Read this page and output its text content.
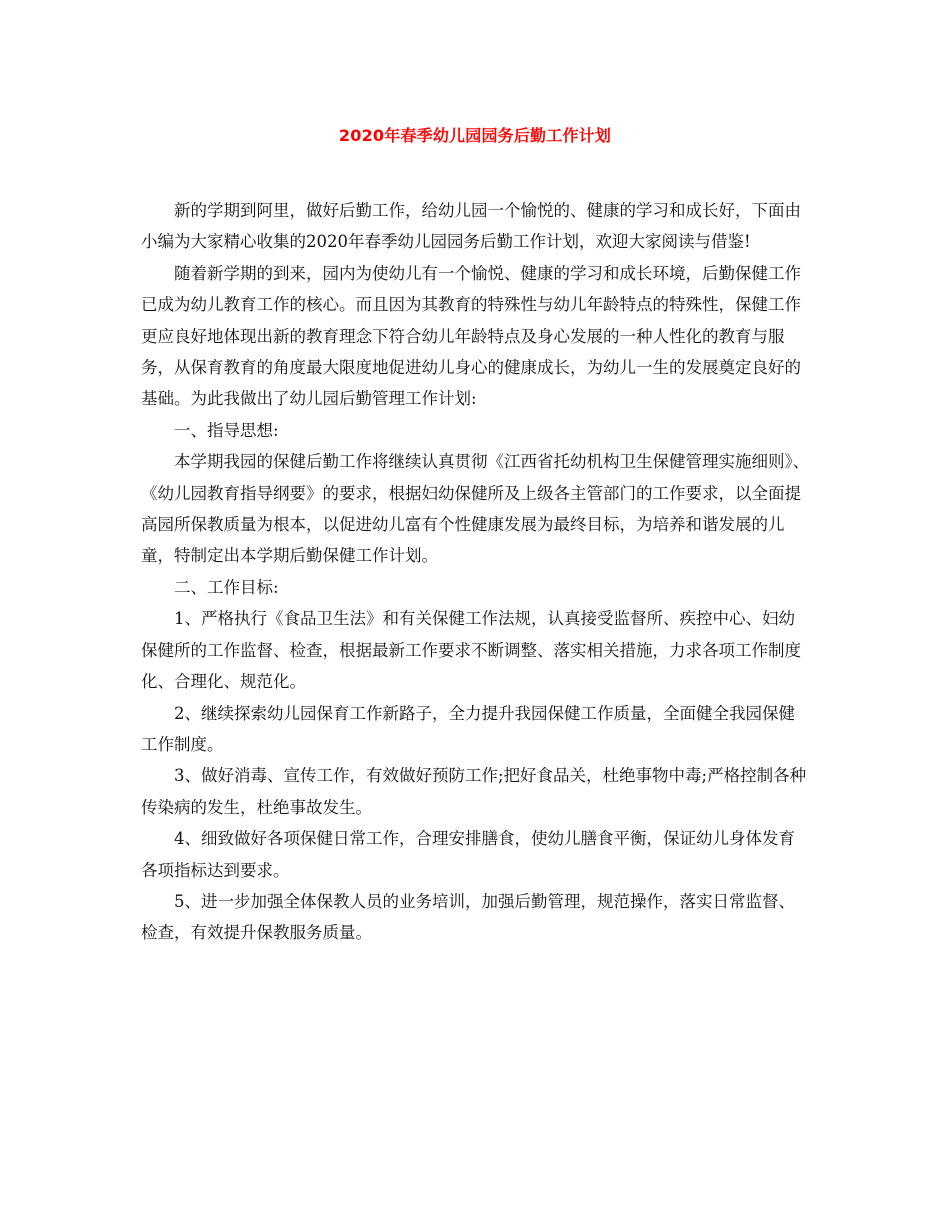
2020年春季幼儿园园务后勤工作计划

新的学期到阿里，做好后勤工作，给幼儿园一个愉悦的、健康的学习和成长好，下面由小编为大家精心收集的2020年春季幼儿园园务后勤工作计划，欢迎大家阅读与借鉴!

随着新学期的到来，园内为使幼儿有一个愉悦、健康的学习和成长环境，后勤保健工作已成为幼儿教育工作的核心。而且因为其教育的特殊性与幼儿年龄特点的特殊性，保健工作更应良好地体现出新的教育理念下符合幼儿年龄特点及身心发展的一种人性化的教育与服务，从保育教育的角度最大限度地促进幼儿身心的健康成长，为幼儿一生的发展奠定良好的基础。为此我做出了幼儿园后勤管理工作计划:

一、指导思想:

本学期我园的保健后勤工作将继续认真贯彻《江西省托幼机构卫生保健管理实施细则》、《幼儿园教育指导纲要》的要求，根据妇幼保健所及上级各主管部门的工作要求，以全面提高园所保教质量为根本，以促进幼儿富有个性健康发展为最终目标，为培养和谐发展的儿童，特制定出本学期后勤保健工作计划。

二、工作目标:

1、严格执行《食品卫生法》和有关保健工作法规，认真接受监督所、疾控中心、妇幼保健所的工作监督、检查，根据最新工作要求不断调整、落实相关措施，力求各项工作制度化、合理化、规范化。

2、继续探索幼儿园保育工作新路子，全力提升我园保健工作质量，全面健全我园保健工作制度。

3、做好消毒、宣传工作，有效做好预防工作;把好食品关，杜绝事物中毒;严格控制各种传染病的发生，杜绝事故发生。

4、细致做好各项保健日常工作，合理安排膳食，使幼儿膳食平衡，保证幼儿身体发育各项指标达到要求。

5、进一步加强全体保教人员的业务培训，加强后勤管理，规范操作，落实日常监督、检查，有效提升保教服务质量。
